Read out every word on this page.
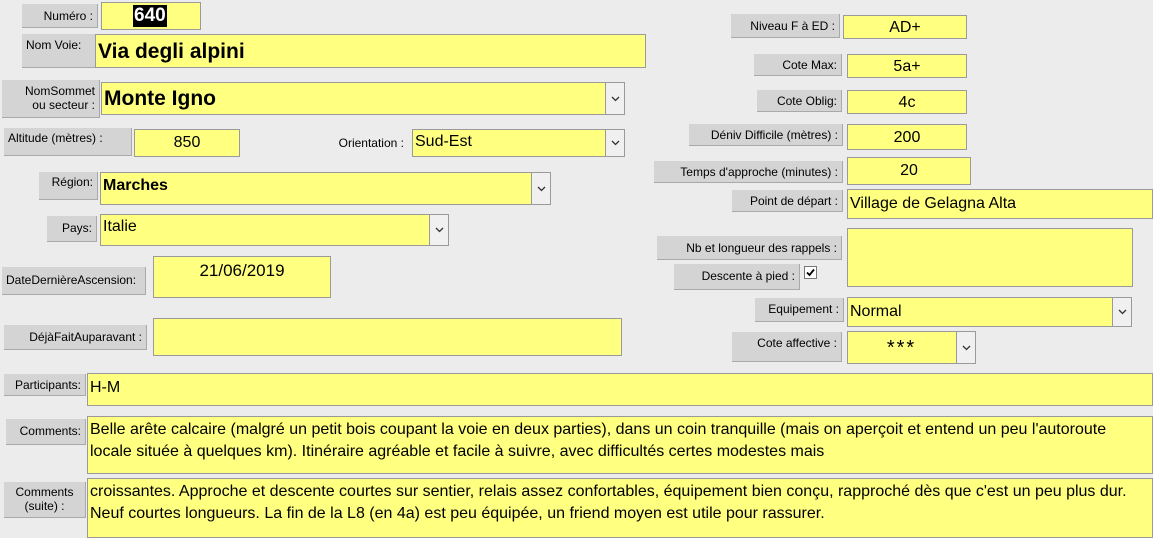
Numéro : 640
Nom Voie: Via degli alpini
NomSommet
ou secteur : Monte Igno
Altitude (mètres) :	850	Orientation : Sud-Est
Région: Marches
Pays: Italie
DateDernièreAscension:	21/06/2019
DéjàFaitAuparavant :
Niveau F à ED :	AD+
Cote Max:	5a+
Cote Oblig:	4c
Déniv Difficile (mètres) :	200
Temps d'approche (minutes) :	20
Point de départ : Village de Gelagna Alta
Nb et longueur des rappels :
Descente à pied :
Equipement : Normal
Cote affective :	***
Participants: H-M
Comments: Belle arête calcaire (malgré un petit bois coupant la voie en deux parties), dans un coin tranquille (mais on aperçoit et entend un peu l'autoroute locale située à quelques km). Itinéraire agréable et facile à suivre, avec difficultés certes modestes mais
Comments
(suite) :
croissantes. Approche et descente courtes sur sentier, relais assez confortables, équipement bien conçu, rapproché dès que c'est un peu plus dur. Neuf courtes longueurs. La fin de la L8 (en 4a) est peu équipée, un friend moyen est utile pour rassurer.
